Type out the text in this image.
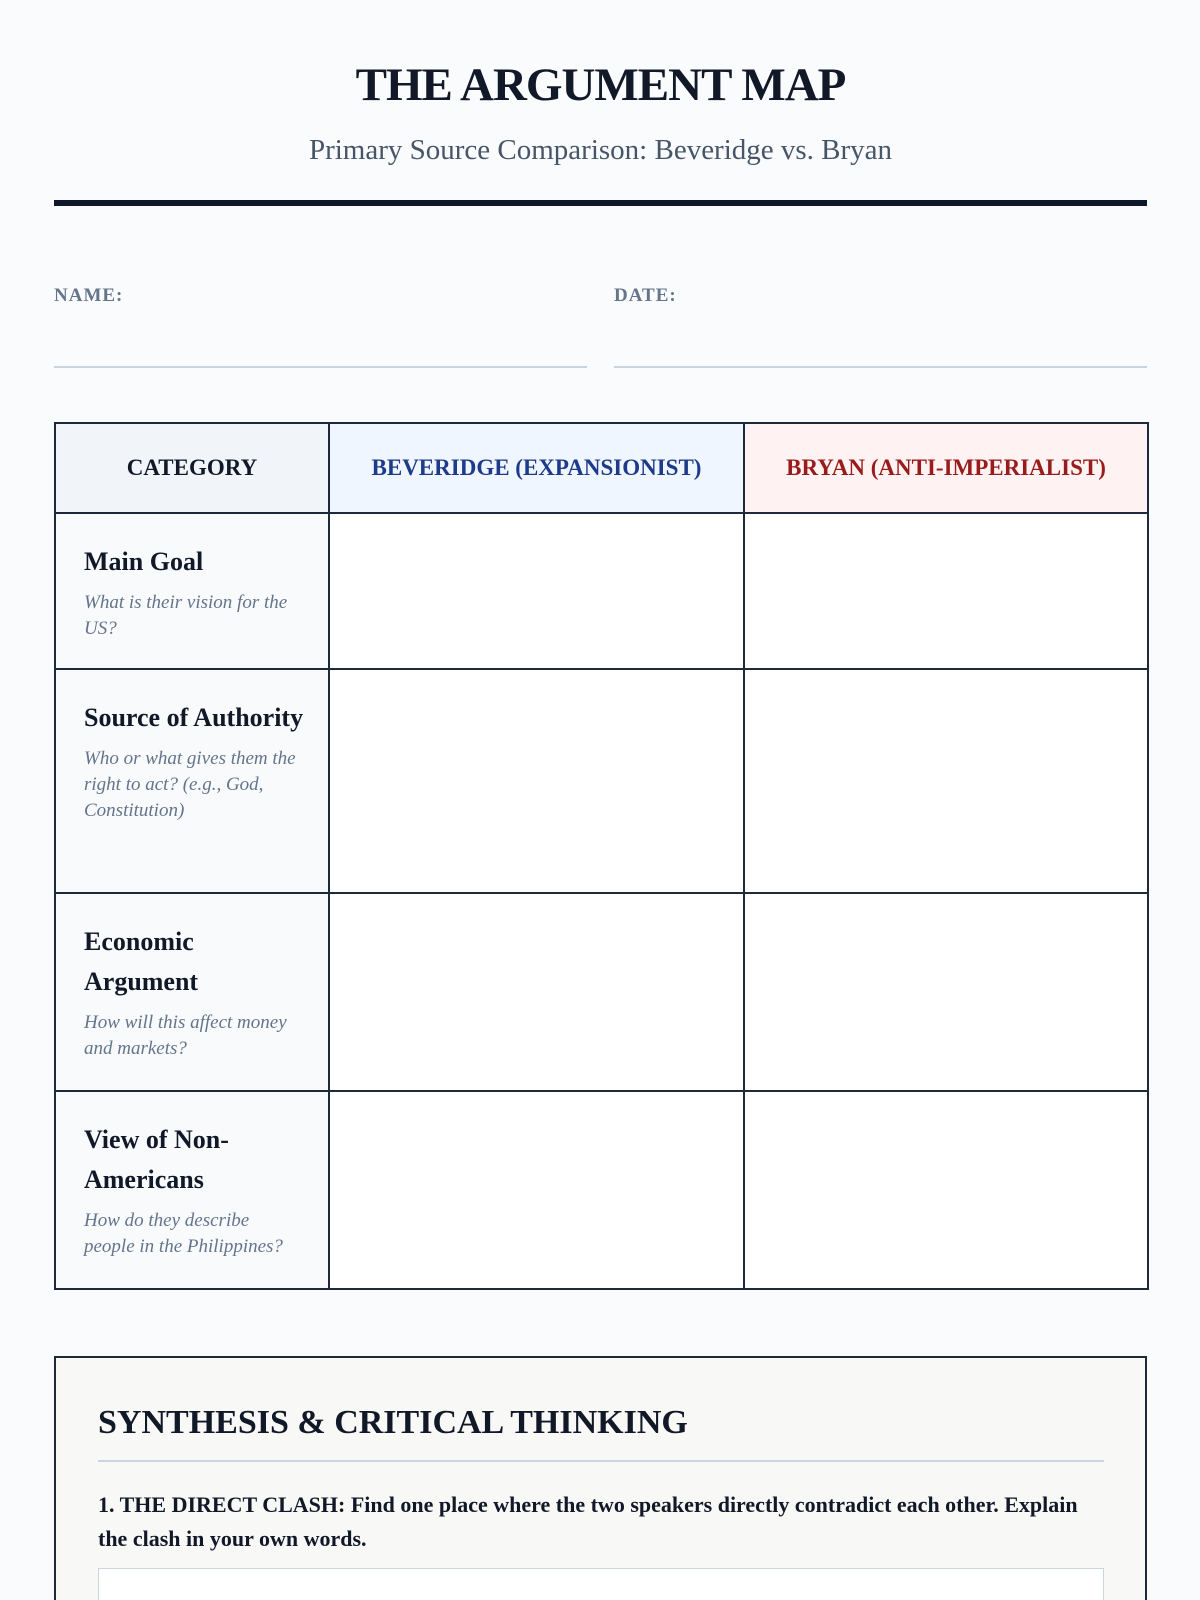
THE ARGUMENT MAP
Primary Source Comparison: Beveridge vs. Bryan
NAME:	DATE:
CATEGORY	BEVERIDGE (EXPANSIONIST)	BRYAN (ANTI-IMPERIALIST)

Main Goal
What is their vision for the US?		

Source of Authority
Who or what gives them the right to act? (e.g., God, Constitution)		

Economic Argument
How will this affect money and markets?		

View of Non-Americans
How do they describe people in the Philippines?		

SYNTHESIS & CRITICAL THINKING
1. THE DIRECT CLASH: Find one place where the two speakers directly contradict each other. Explain the clash in your own words.
